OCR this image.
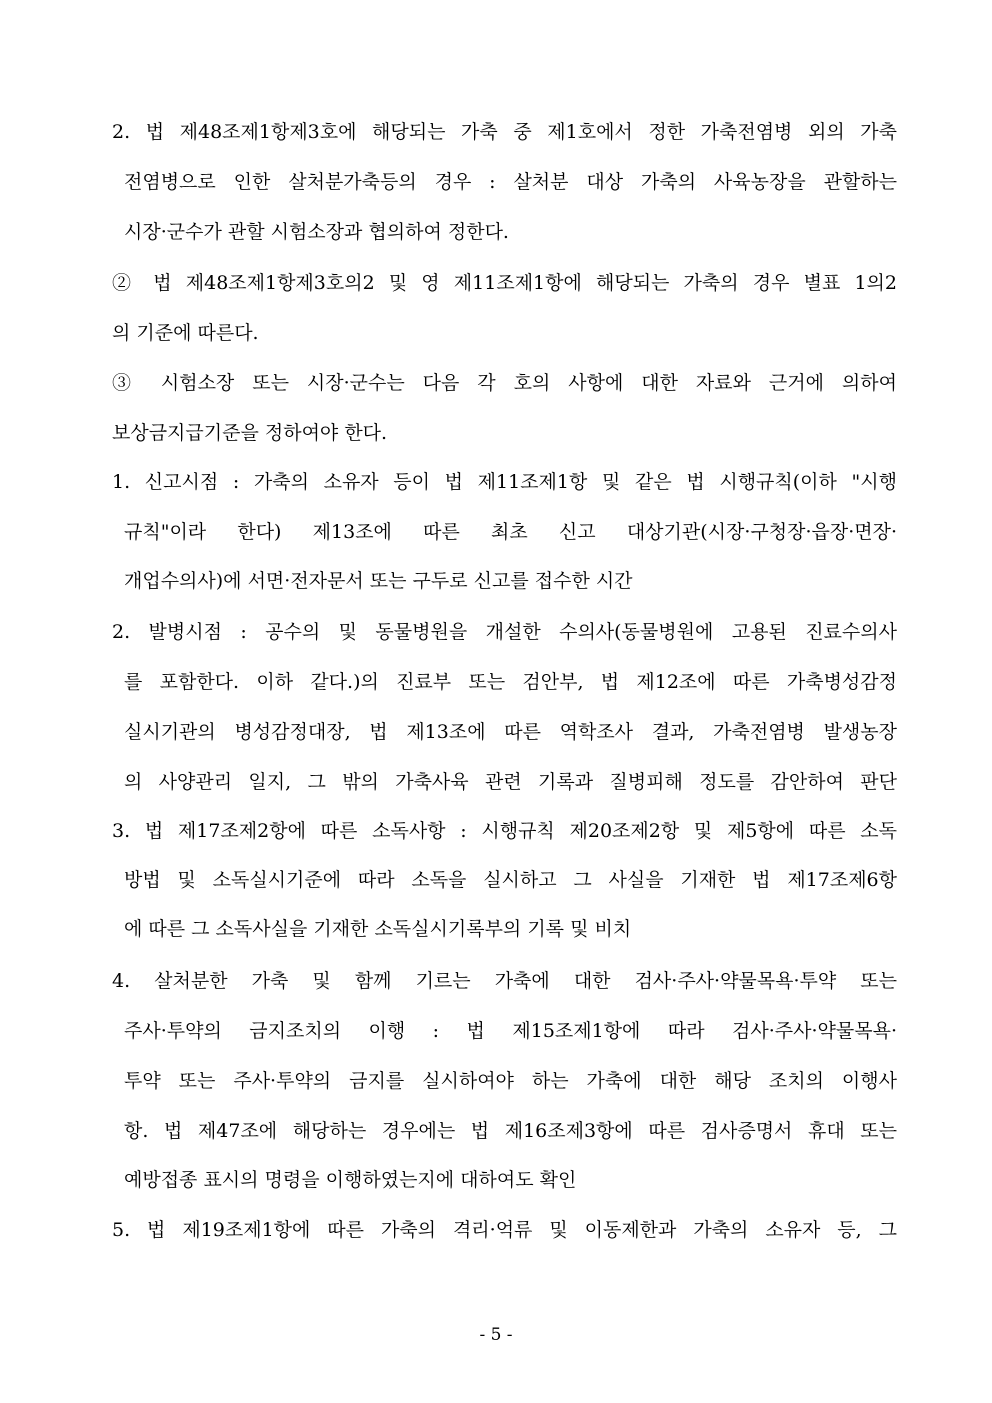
2. 법 제48조제1항제3호에 해당되는 가축 중 제1호에서 정한 가축전염병 외의 가축
전염병으로 인한 살처분가축등의 경우 : 살처분 대상 가축의 사육농장을 관할하는
시장·군수가 관할 시험소장과 협의하여 정한다.
② 법 제48조제1항제3호의2 및 영 제11조제1항에 해당되는 가축의 경우 별표 1의2
의 기준에 따른다.
③ 시험소장 또는 시장·군수는 다음 각 호의 사항에 대한 자료와 근거에 의하여
보상금지급기준을 정하여야 한다.
1. 신고시점 : 가축의 소유자 등이 법 제11조제1항 및 같은 법 시행규칙(이하 "시행
규칙"이라 한다) 제13조에 따른 최초 신고 대상기관(시장·구청장·읍장·면장·
개업수의사)에 서면·전자문서 또는 구두로 신고를 접수한 시간
2. 발병시점 : 공수의 및 동물병원을 개설한 수의사(동물병원에 고용된 진료수의사
를 포함한다. 이하 같다.)의 진료부 또는 검안부, 법 제12조에 따른 가축병성감정
실시기관의 병성감정대장, 법 제13조에 따른 역학조사 결과, 가축전염병 발생농장
의 사양관리 일지, 그 밖의 가축사육 관련 기록과 질병피해 정도를 감안하여 판단
3. 법 제17조제2항에 따른 소독사항 : 시행규칙 제20조제2항 및 제5항에 따른 소독
방법 및 소독실시기준에 따라 소독을 실시하고 그 사실을 기재한 법 제17조제6항
에 따른 그 소독사실을 기재한 소독실시기록부의 기록 및 비치
4. 살처분한 가축 및 함께 기르는 가축에 대한 검사·주사·약물목욕·투약 또는
주사·투약의 금지조치의 이행 : 법 제15조제1항에 따라 검사·주사·약물목욕·
투약 또는 주사·투약의 금지를 실시하여야 하는 가축에 대한 해당 조치의 이행사
항. 법 제47조에 해당하는 경우에는 법 제16조제3항에 따른 검사증명서 휴대 또는
예방접종 표시의 명령을 이행하였는지에 대하여도 확인
5. 법 제19조제1항에 따른 가축의 격리·억류 및 이동제한과 가축의 소유자 등, 그
- 5 -
